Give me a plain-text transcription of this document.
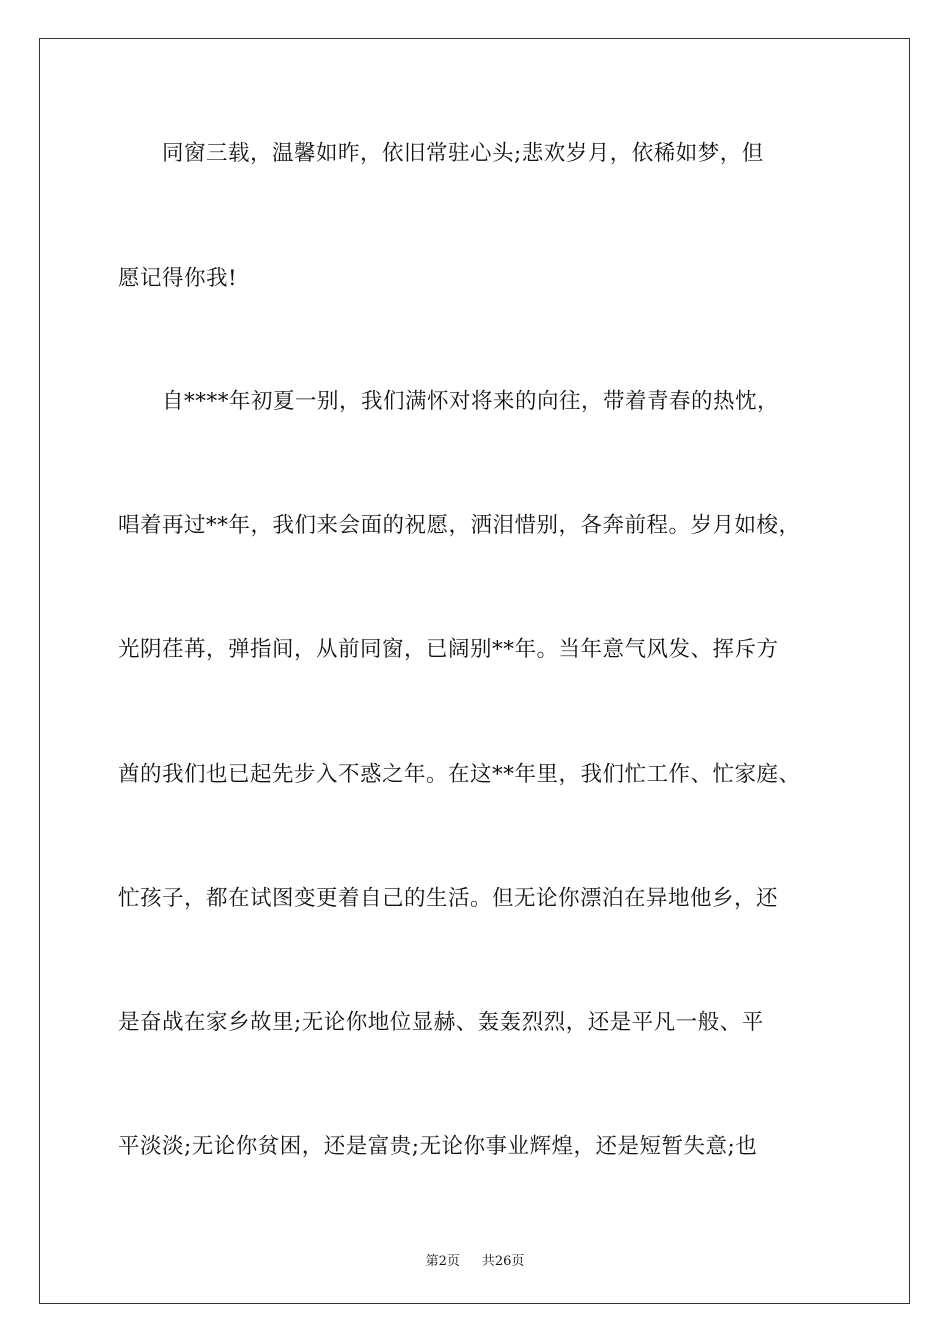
　　同窗三载，温馨如昨，依旧常驻心头;悲欢岁月，依稀如梦，但
愿记得你我!
　　自****年初夏一别，我们满怀对将来的向往，带着青春的热忱，
唱着再过**年，我们来会面的祝愿，洒泪惜别，各奔前程。岁月如梭，
光阴荏苒，弹指间，从前同窗，已阔别**年。当年意气风发、挥斥方
酋的我们也已起先步入不惑之年。在这**年里，我们忙工作、忙家庭、
忙孩子，都在试图变更着自己的生活。但无论你漂泊在异地他乡，还
是奋战在家乡故里;无论你地位显赫、轰轰烈烈，还是平凡一般、平
平淡淡;无论你贫困，还是富贵;无论你事业辉煌，还是短暂失意;也
第2页 共26页
